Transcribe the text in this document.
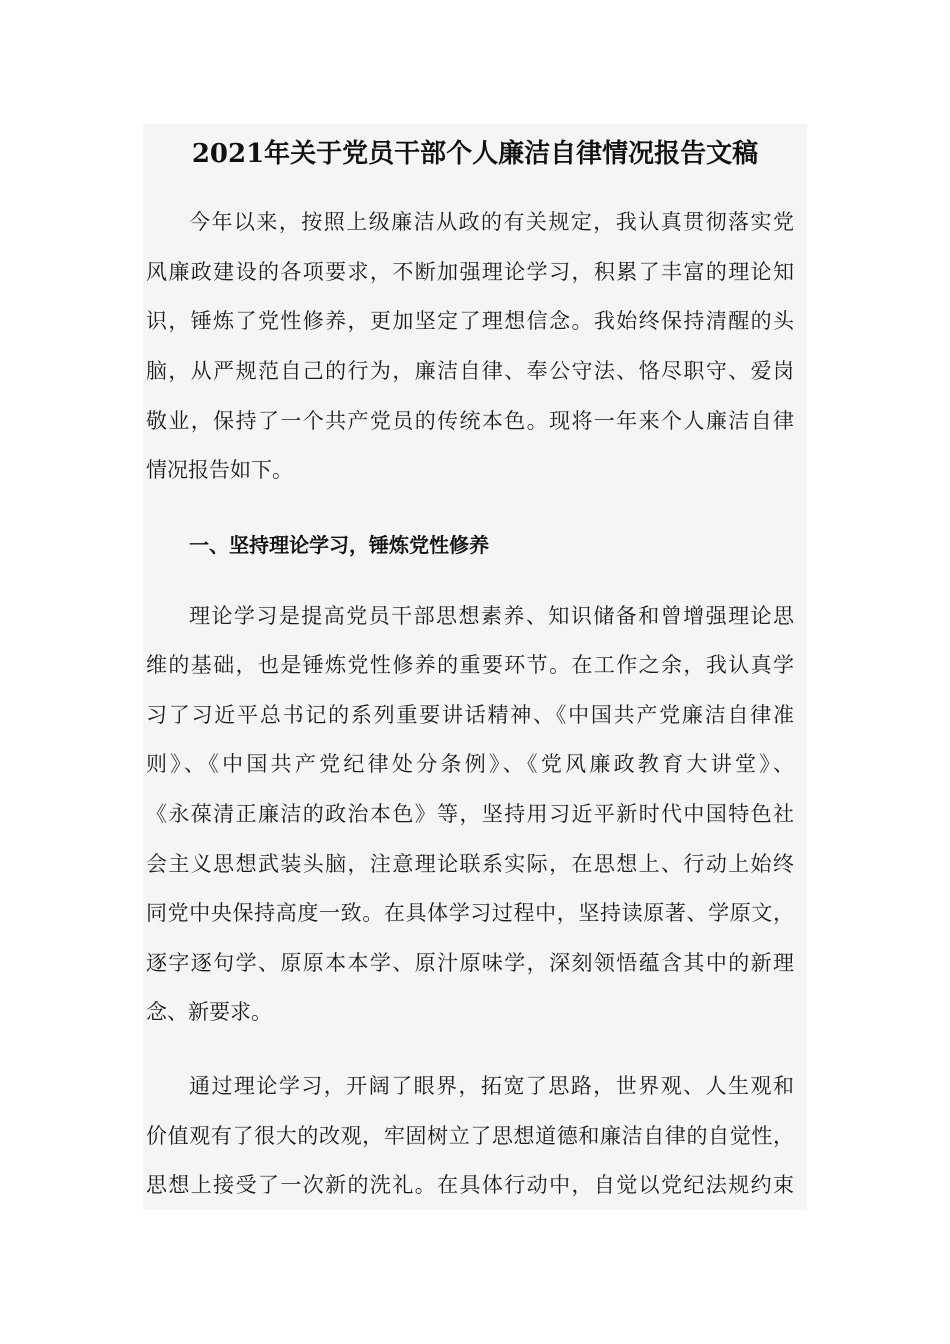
2021年关于党员干部个人廉洁自律情况报告文稿
今年以来，按照上级廉洁从政的有关规定，我认真贯彻落实党
风廉政建设的各项要求，不断加强理论学习，积累了丰富的理论知
识，锤炼了党性修养，更加坚定了理想信念。我始终保持清醒的头
脑，从严规范自己的行为，廉洁自律、奉公守法、恪尽职守、爱岗
敬业，保持了一个共产党员的传统本色。现将一年来个人廉洁自律
情况报告如下。
一、坚持理论学习，锤炼党性修养
理论学习是提高党员干部思想素养、知识储备和曾增强理论思
维的基础，也是锤炼党性修养的重要环节。在工作之余，我认真学
习了习近平总书记的系列重要讲话精神、《中国共产党廉洁自律准
则》、《中国共产党纪律处分条例》、《党风廉政教育大讲堂》、
《永葆清正廉洁的政治本色》等，坚持用习近平新时代中国特色社
会主义思想武装头脑，注意理论联系实际，在思想上、行动上始终
同党中央保持高度一致。在具体学习过程中，坚持读原著、学原文，
逐字逐句学、原原本本学、原汁原味学，深刻领悟蕴含其中的新理
念、新要求。
通过理论学习，开阔了眼界，拓宽了思路，世界观、人生观和
价值观有了很大的改观，牢固树立了思想道德和廉洁自律的自觉性，
思想上接受了一次新的洗礼。在具体行动中，自觉以党纪法规约束
